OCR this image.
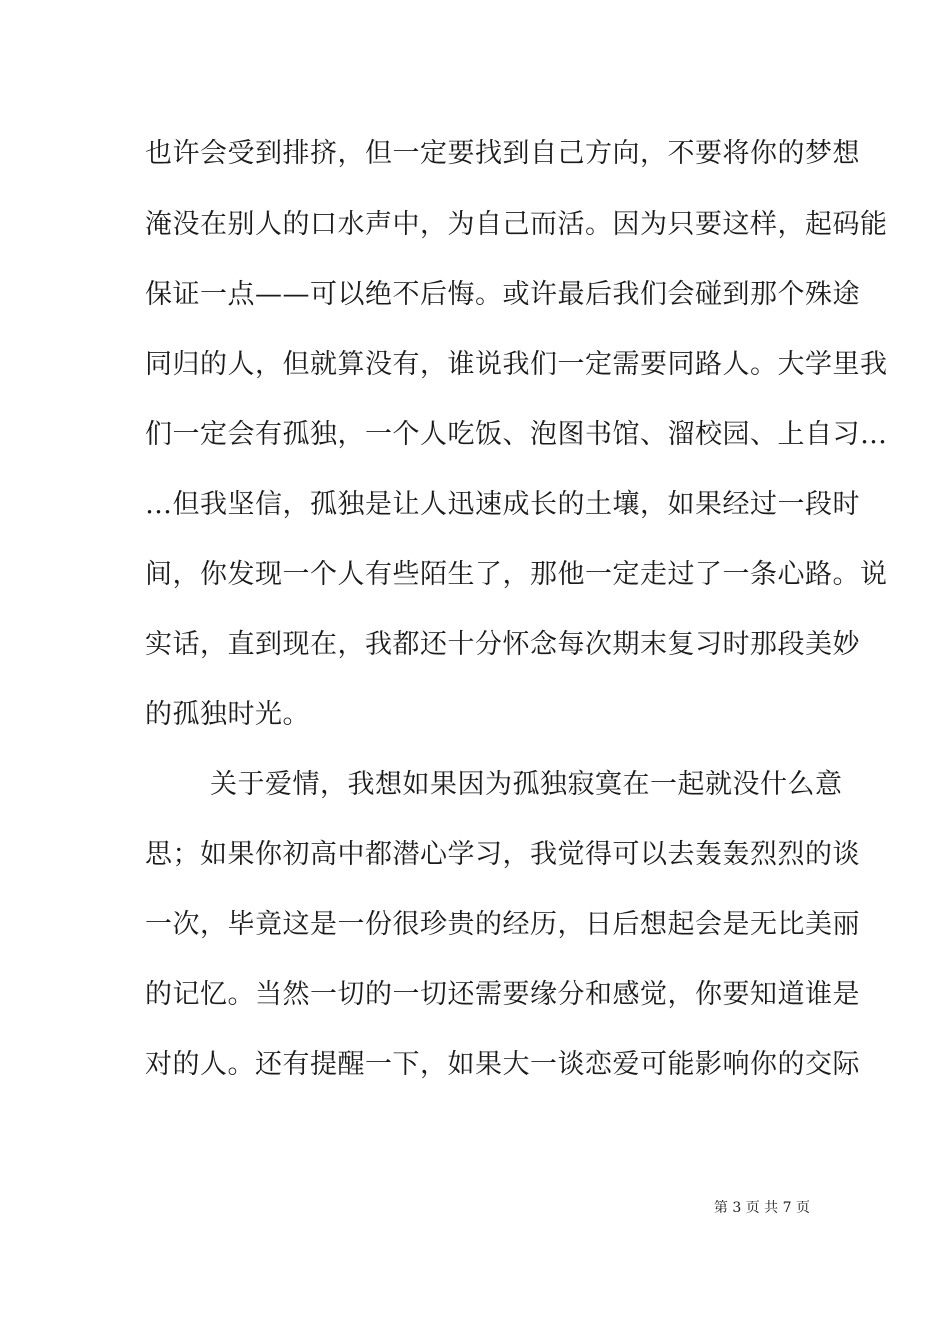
也许会受到排挤，但一定要找到自己方向，不要将你的梦想
淹没在别人的口水声中，为自己而活。因为只要这样，起码能
保证一点——可以绝不后悔。或许最后我们会碰到那个殊途
同归的人，但就算没有，谁说我们一定需要同路人。大学里我
们一定会有孤独，一个人吃饭、泡图书馆、溜校园、上自习…
…但我坚信，孤独是让人迅速成长的土壤，如果经过一段时
间，你发现一个人有些陌生了，那他一定走过了一条心路。说
实话，直到现在，我都还十分怀念每次期末复习时那段美妙
的孤独时光。
关于爱情，我想如果因为孤独寂寞在一起就没什么意
思；如果你初高中都潜心学习，我觉得可以去轰轰烈烈的谈
一次，毕竟这是一份很珍贵的经历，日后想起会是无比美丽
的记忆。当然一切的一切还需要缘分和感觉，你要知道谁是
对的人。还有提醒一下，如果大一谈恋爱可能影响你的交际
第 3 页 共 7 页
